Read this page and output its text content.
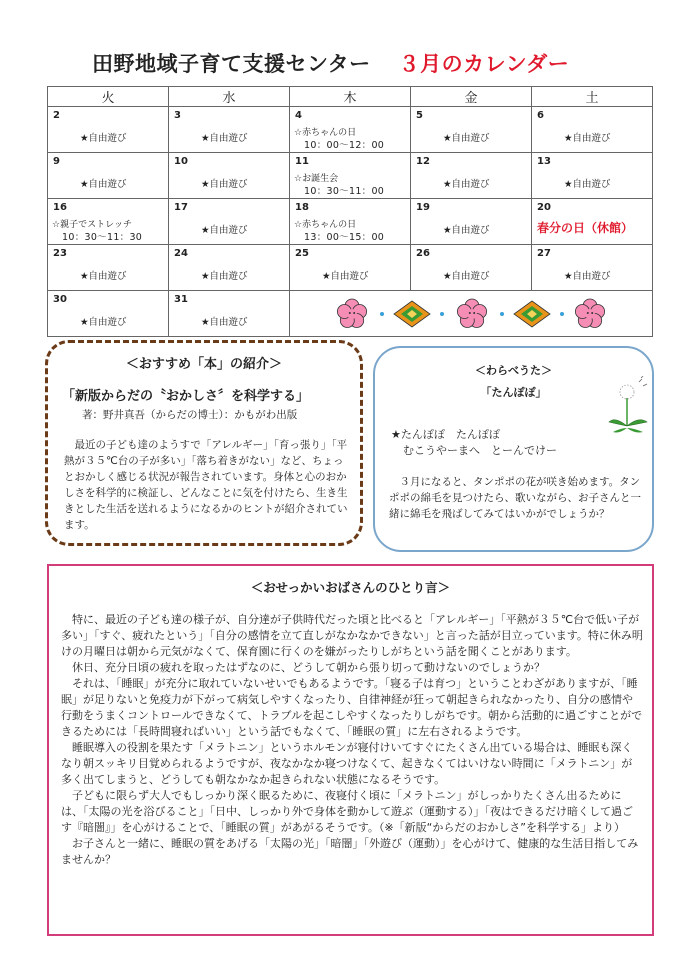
田野地域子育て支援センター ３月のカレンダー
火	水	木	金	土

2
★自由遊び	3
★自由遊び	4
☆赤ちゃんの日
10：00～12：00	5
★自由遊び	6
★自由遊び

9
★自由遊び	10
★自由遊び	11
☆お誕生会
10：30～11：00	12
★自由遊び	13
★自由遊び

16
☆親子でストレッチ
10：30～11：30	17
★自由遊び	18
☆赤ちゃんの日
13：00～15：00	19
★自由遊び	20
春分の日（休館）

23
★自由遊び	24
★自由遊び	25
★自由遊び	26
★自由遊び	27
★自由遊び

30
★自由遊び	31
★自由遊び

＜おすすめ「本」の紹介＞
「新版からだの〝おかしさ〞を科学する」
著：野井真吾（からだの博士）：かもがわ出版
最近の子ども達のようすで「アレルギー」「育っ張り」「平熱が３５℃台の子が多い」「落ち着きがない」など、ちょっとおかしく感じる状況が報告されています。身体と心のおかしさを科学的に検証し、どんなことに気を付けたら、生き生きとした生活を送れるようになるかのヒントが紹介されています。
＜わらべうた＞
「たんぽぽ」
★たんぽぽ　たんぽぽ
むこうやーまへ　とーんでけー
３月になると、タンポポの花が咲き始めます。タンポポの綿毛を見つけたら、歌いながら、お子さんと一緒に綿毛を飛ばしてみてはいかがでしょうか？
＜おせっかいおばさんのひとり言＞

特に、最近の子ども達の様子が、自分達が子供時代だった頃と比べると「アレルギー」「平熱が３５℃台で低い子が多い」「すぐ、疲れたという」「自分の感情を立て直しがなかなかできない」と言った話が目立っています。特に休み明けの月曜日は朝から元気がなくて、保育園に行くのを嫌がったりしがちという話を聞くことがあります。

休日、充分日頃の疲れを取ったはずなのに、どうして朝から張り切って動けないのでしょうか？

それは、「睡眠」が充分に取れていないせいでもあるようです。「寝る子は育つ」ということわざがありますが、「睡眠」が足りないと免疫力が下がって病気しやすくなったり、自律神経が狂って朝起きられなかったり、自分の感情や行動をうまくコントロールできなくて、トラブルを起こしやすくなったりしがちです。朝から活動的に過ごすことができるためには「長時間寝ればいい」という話でもなくて、「睡眠の質」に左右されるようです。

睡眠導入の役割を果たす「メラトニン」というホルモンが寝付けいてすぐにたくさん出ている場合は、睡眠も深くなり朝スッキリ目覚められるようですが、夜なかなか寝つけなくて、起きなくてはいけない時間に「メラトニン」が多く出てしまうと、どうしても朝なかなか起きられない状態になるそうです。

子どもに限らず大人でもしっかり深く眠るために、夜寝付く頃に「メラトニン」がしっかりたくさん出るためには、「太陽の光を浴びること」「日中、しっかり外で身体を動かして遊ぶ（運動する）」「夜はできるだけ暗くして過ごす『暗闇』」を心がけることで、「睡眠の質」があがるそうです。（※「新版“からだのおかしさ”を科学する」より）

お子さんと一緒に、睡眠の質をあげる「太陽の光」「暗闇」「外遊び（運動）」を心がけて、健康的な生活目指してみませんか？
